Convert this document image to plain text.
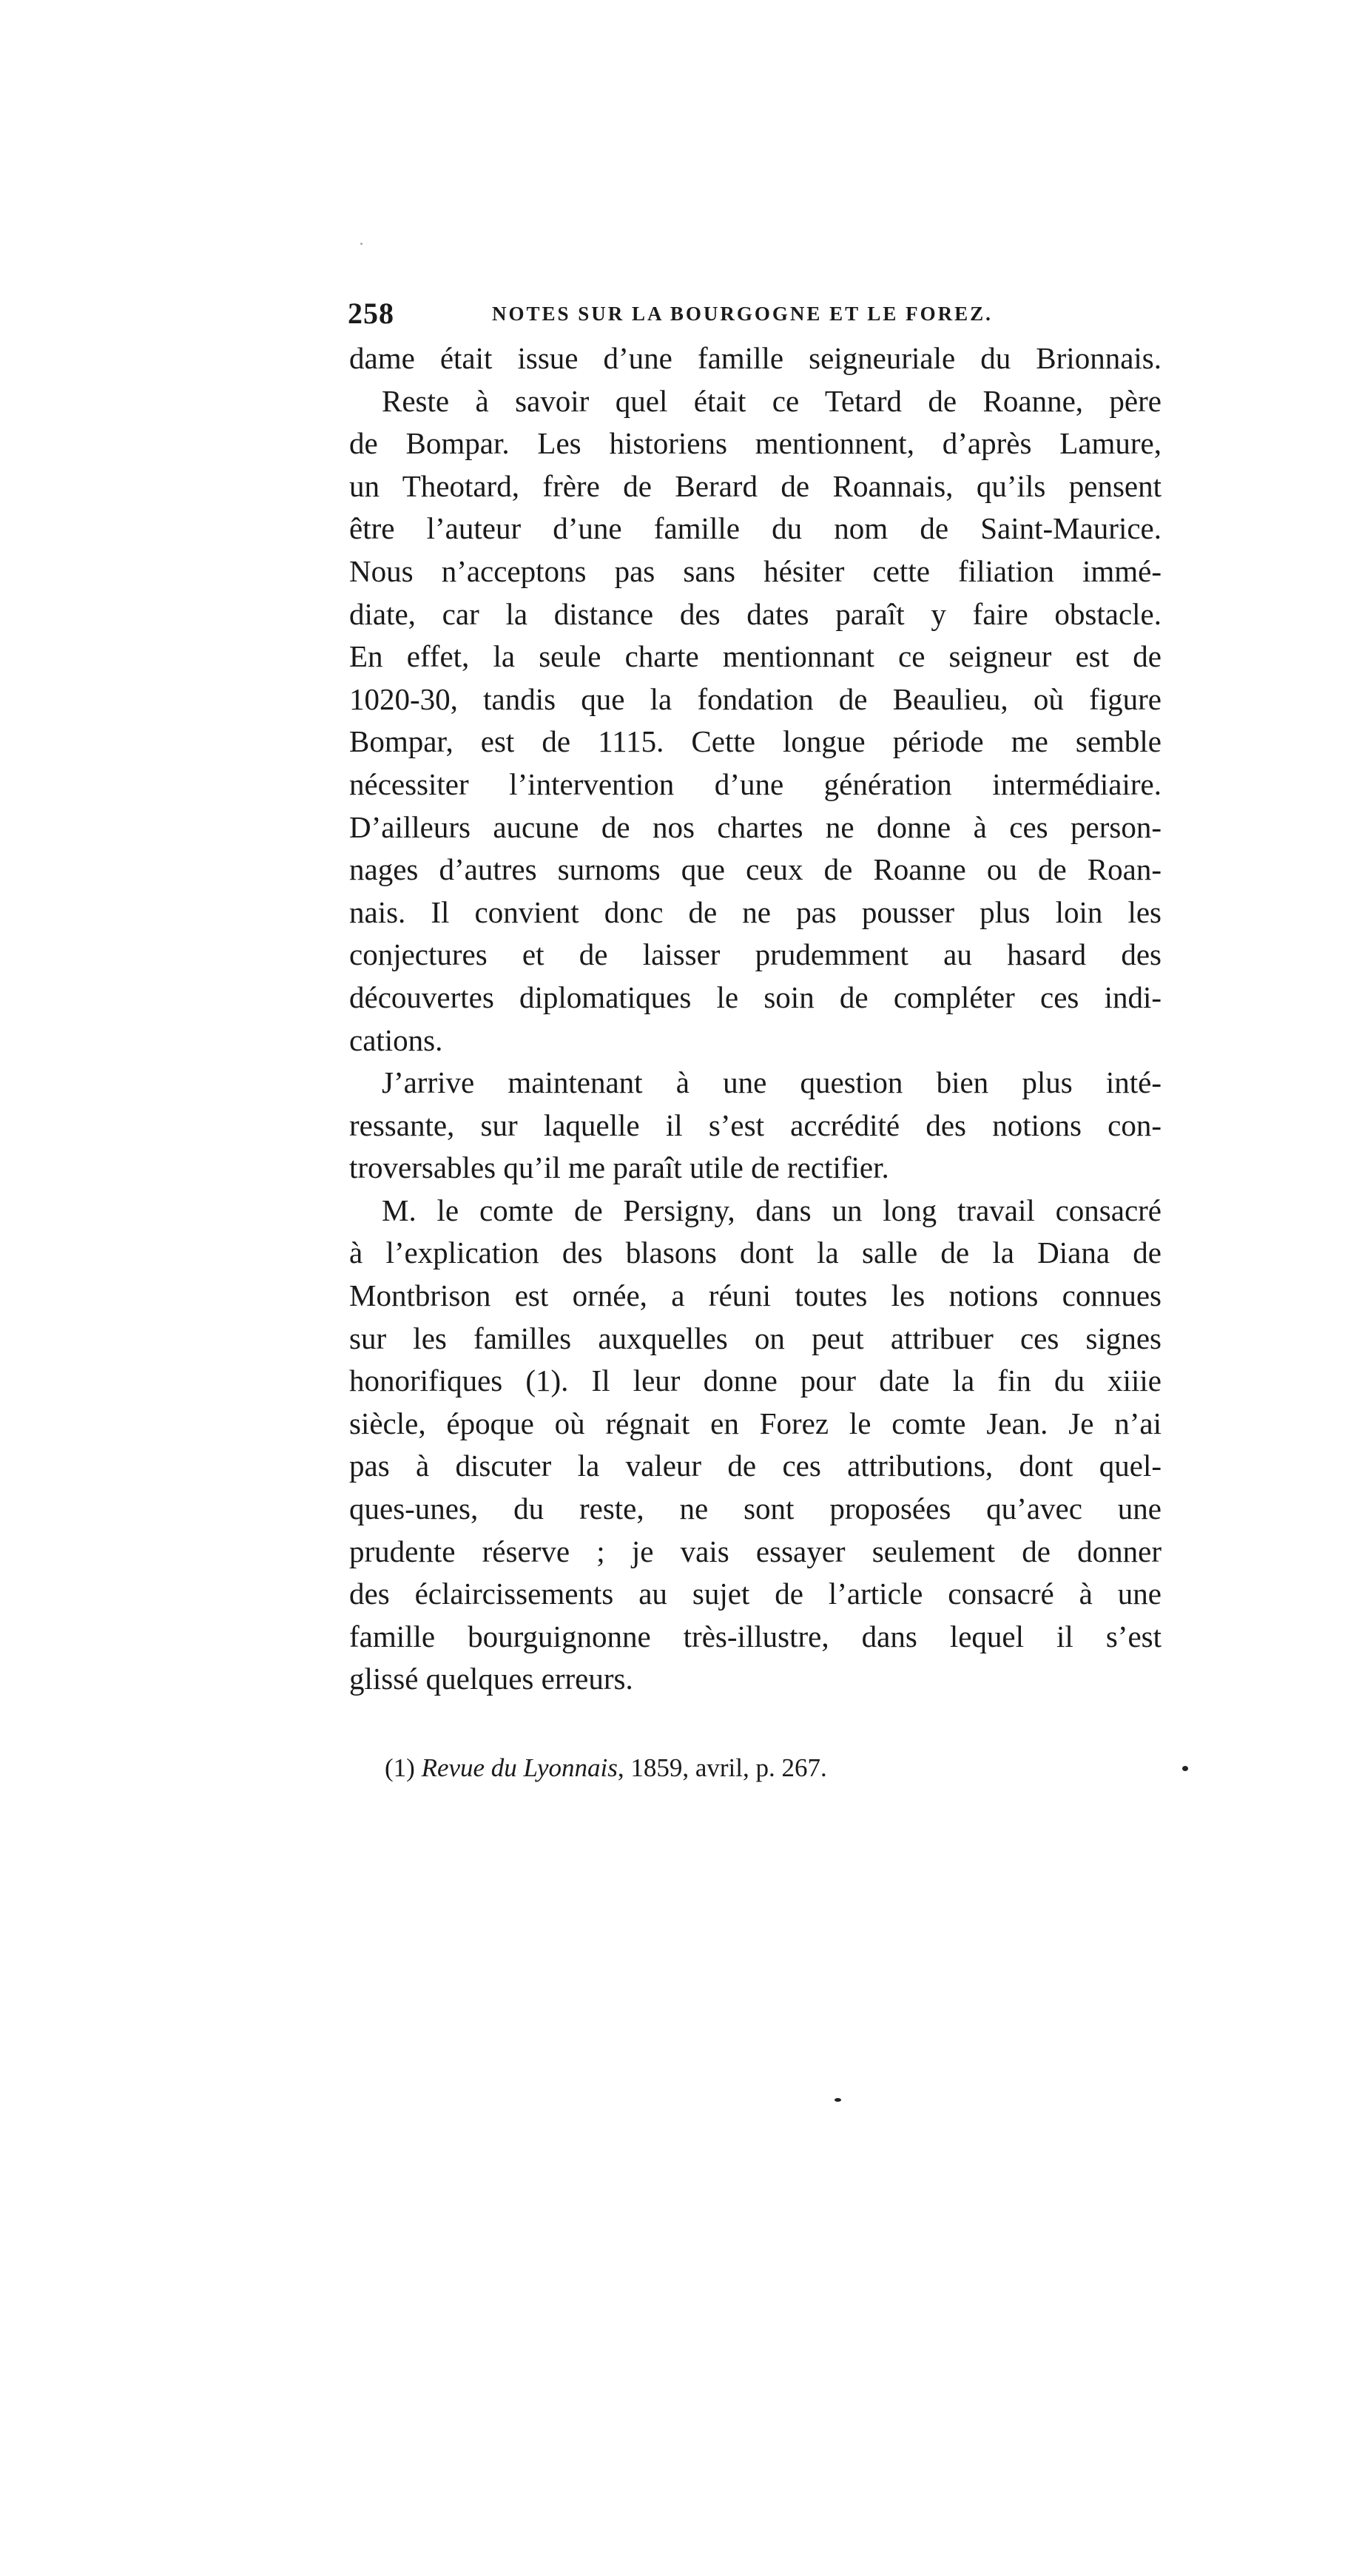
258	NOTES SUR LA BOURGOGNE ET LE FOREZ.
dame était issue d’une famille seigneuriale du Brionnais.
Reste à savoir quel était ce Tetard de Roanne, père
de Bompar. Les historiens mentionnent, d’après Lamure,
un Theotard, frère de Berard de Roannais, qu’ils pensent
être l’auteur d’une famille du nom de Saint-Maurice.
Nous n’acceptons pas sans hésiter cette filiation immé-
diate, car la distance des dates paraît y faire obstacle.
En effet, la seule charte mentionnant ce seigneur est de
1020-30, tandis que la fondation de Beaulieu, où figure
Bompar, est de 1115. Cette longue période me semble
nécessiter l’intervention d’une génération intermédiaire.
D’ailleurs aucune de nos chartes ne donne à ces person-
nages d’autres surnoms que ceux de Roanne ou de Roan-
nais. Il convient donc de ne pas pousser plus loin les
conjectures et de laisser prudemment au hasard des
découvertes diplomatiques le soin de compléter ces indi-
cations.
J’arrive maintenant à une question bien plus inté-
ressante, sur laquelle il s’est accrédité des notions con-
troversables qu’il me paraît utile de rectifier.
M. le comte de Persigny, dans un long travail consacré
à l’explication des blasons dont la salle de la Diana de
Montbrison est ornée, a réuni toutes les notions connues
sur les familles auxquelles on peut attribuer ces signes
honorifiques (1). Il leur donne pour date la fin du xiiie
siècle, époque où régnait en Forez le comte Jean. Je n’ai
pas à discuter la valeur de ces attributions, dont quel-
ques-unes, du reste, ne sont proposées qu’avec une
prudente réserve ; je vais essayer seulement de donner
des éclaircissements au sujet de l’article consacré à une
famille bourguignonne très-illustre, dans lequel il s’est
glissé quelques erreurs.
(1) Revue du Lyonnais, 1859, avril, p. 267.
